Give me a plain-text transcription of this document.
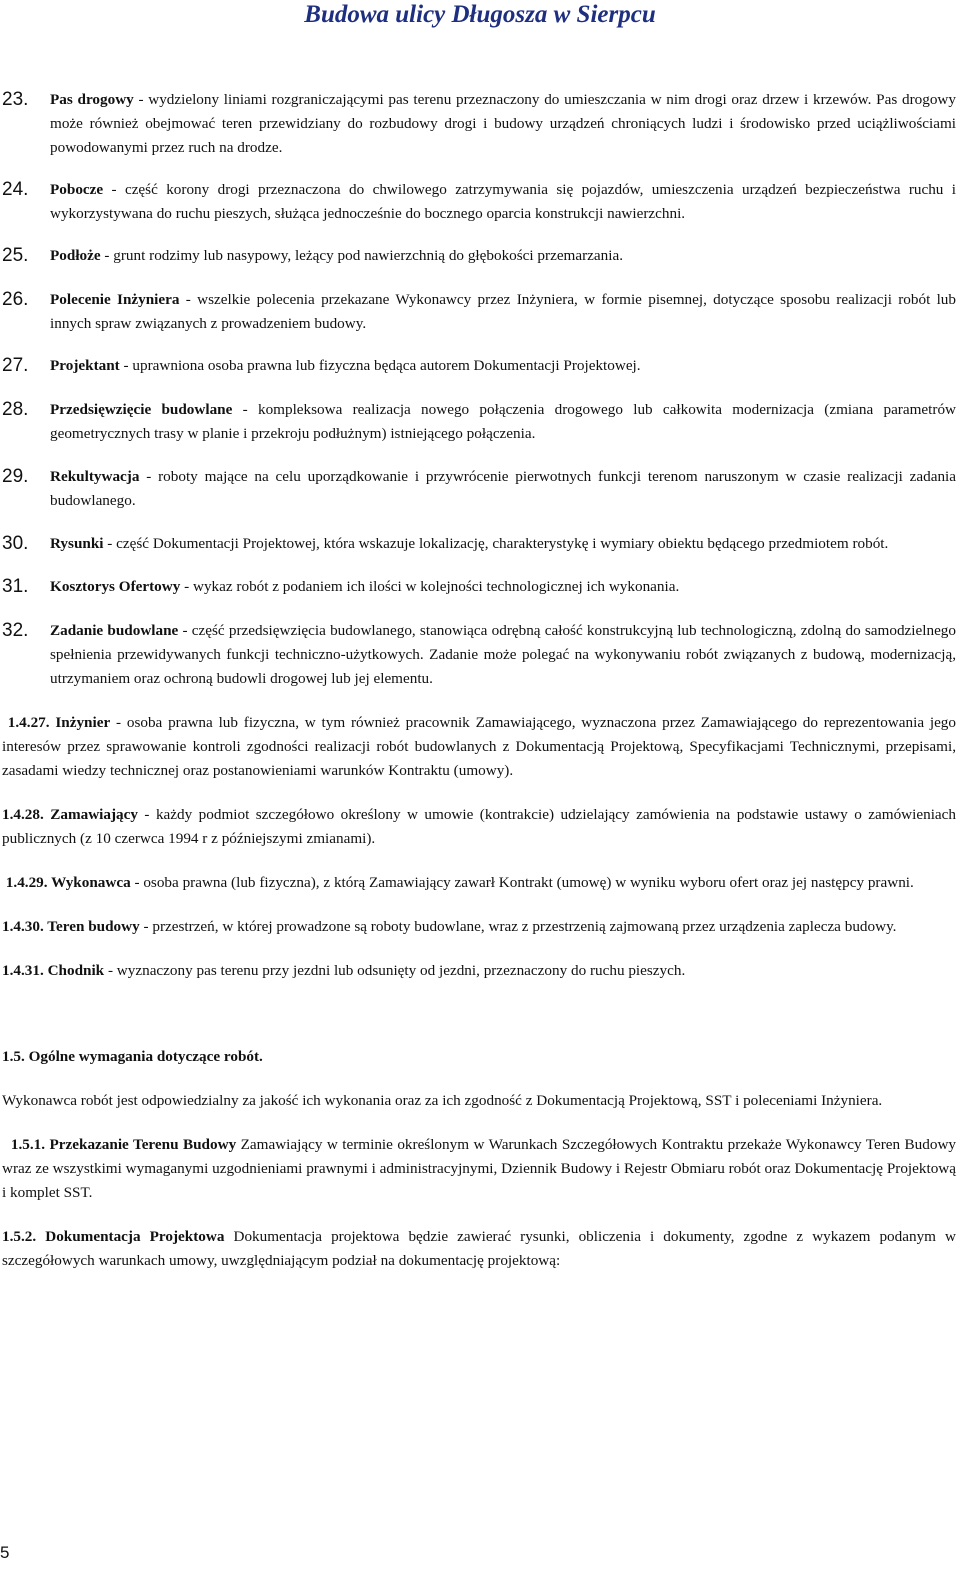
Budowa ulicy Długosza w Sierpcu
23.	Pas drogowy - wydzielony liniami rozgraniczającymi pas terenu przeznaczony do umieszczania w nim drogi oraz drzew i krzewów. Pas drogowy może również obejmować teren przewidziany do rozbudowy drogi i budowy urządzeń chroniących ludzi i środowisko przed uciążliwościami powodowanymi przez ruch na drodze.
24.	Pobocze - część korony drogi przeznaczona do chwilowego zatrzymywania się pojazdów, umieszczenia urządzeń bezpieczeństwa ruchu i wykorzystywana do ruchu pieszych, służąca jednocześnie do bocznego oparcia konstrukcji nawierzchni.
25.	Podłoże - grunt rodzimy lub nasypowy, leżący pod nawierzchnią do głębokości przemarzania.
26.	Polecenie Inżyniera - wszelkie polecenia przekazane Wykonawcy przez Inżyniera, w formie pisemnej, dotyczące sposobu realizacji robót lub innych spraw związanych z prowadzeniem budowy.
27.	Projektant - uprawniona osoba prawna lub fizyczna będąca autorem Dokumentacji Projektowej.
28.	Przedsięwzięcie budowlane - kompleksowa realizacja nowego połączenia drogowego lub całkowita modernizacja (zmiana parametrów geometrycznych trasy w planie i przekroju podłużnym) istniejącego połączenia.
29.	Rekultywacja - roboty mające na celu uporządkowanie i przywrócenie pierwotnych funkcji terenom naruszonym w czasie realizacji zadania budowlanego.
30.	Rysunki - część Dokumentacji Projektowej, która wskazuje lokalizację, charakterystykę i wymiary obiektu będącego przedmiotem robót.
31.	Kosztorys Ofertowy - wykaz robót z podaniem ich ilości w kolejności technologicznej ich wykonania.
32.	Zadanie budowlane - część przedsięwzięcia budowlanego, stanowiąca odrębną całość konstrukcyjną lub technologiczną, zdolną do samodzielnego spełnienia przewidywanych funkcji techniczno-użytkowych. Zadanie może polegać na wykonywaniu robót związanych z budową, modernizacją, utrzymaniem oraz ochroną budowli drogowej lub jej elementu.
1.4.27. Inżynier - osoba prawna lub fizyczna, w tym również pracownik Zamawiającego, wyznaczona przez Zamawiającego do reprezentowania jego interesów przez sprawowanie kontroli zgodności realizacji robót budowlanych z Dokumentacją Projektową, Specyfikacjami Technicznymi, przepisami, zasadami wiedzy technicznej oraz postanowieniami warunków Kontraktu (umowy).
1.4.28. Zamawiający - każdy podmiot szczegółowo określony w umowie (kontrakcie) udzielający zamówienia na podstawie ustawy o zamówieniach publicznych (z 10 czerwca 1994 r z późniejszymi zmianami).
1.4.29. Wykonawca - osoba prawna (lub fizyczna), z którą Zamawiający zawarł Kontrakt (umowę) w wyniku wyboru ofert oraz jej następcy prawni.
1.4.30. Teren budowy - przestrzeń, w której prowadzone są roboty budowlane, wraz z przestrzenią zajmowaną przez urządzenia zaplecza budowy.
1.4.31. Chodnik - wyznaczony pas terenu przy jezdni lub odsunięty od jezdni, przeznaczony do ruchu pieszych.
1.5. Ogólne wymagania dotyczące robót.
Wykonawca robót jest odpowiedzialny za jakość ich wykonania oraz za ich zgodność z Dokumentacją Projektową, SST i poleceniami Inżyniera.
1.5.1. Przekazanie Terenu Budowy Zamawiający w terminie określonym w Warunkach Szczegółowych Kontraktu przekaże Wykonawcy Teren Budowy wraz ze wszystkimi wymaganymi uzgodnieniami prawnymi i administracyjnymi, Dziennik Budowy i Rejestr Obmiaru robót oraz Dokumentację Projektową i komplet SST.
1.5.2. Dokumentacja Projektowa Dokumentacja projektowa będzie zawierać rysunki, obliczenia i dokumenty, zgodne z wykazem podanym w szczegółowych warunkach umowy, uwzględniającym podział na dokumentację projektową:
5
